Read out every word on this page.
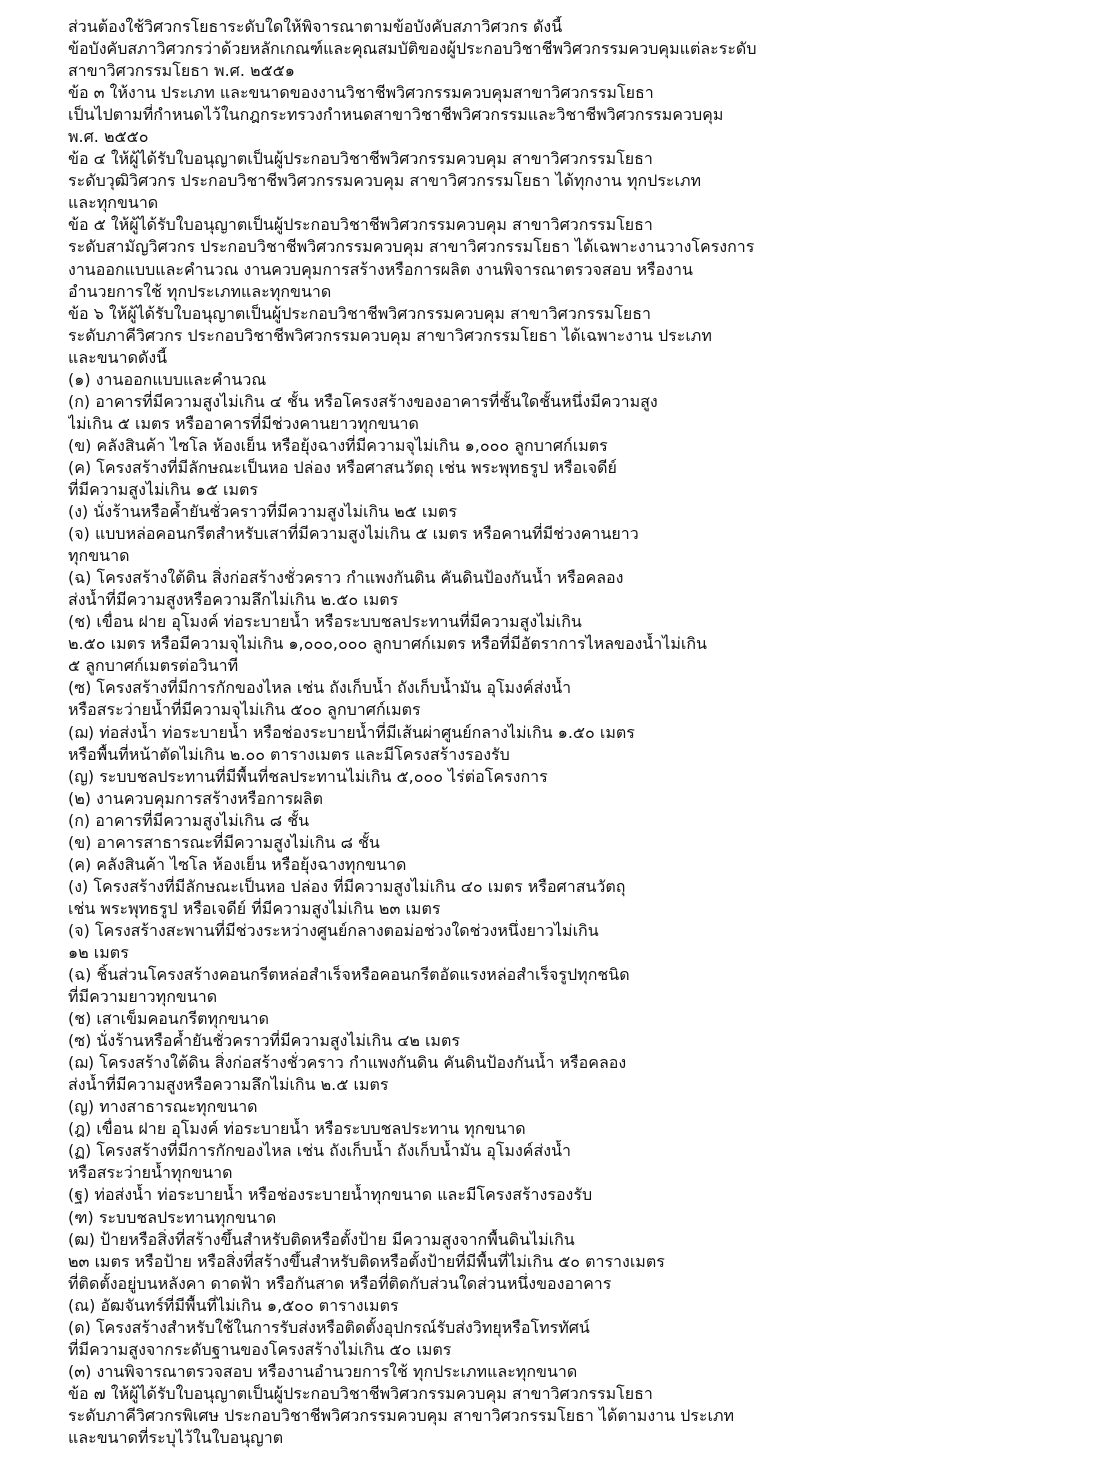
ส่วนต้องใช้วิศวกรโยธาระดับใดให้พิจารณาตามข้อบังคับสภาวิศวกร ดังนี้
ข้อบังคับสภาวิศวกรว่าด้วยหลักเกณฑ์และคุณสมบัติของผู้ประกอบวิชาชีพวิศวกรรมควบคุมแต่ละระดับ
สาขาวิศวกรรมโยธา พ.ศ. ๒๕๕๑
ข้อ ๓ ให้งาน ประเภท และขนาดของงานวิชาชีพวิศวกรรมควบคุมสาขาวิศวกรรมโยธา
เป็นไปตามที่กำหนดไว้ในกฎกระทรวงกำหนดสาขาวิชาชีพวิศวกรรมและวิชาชีพวิศวกรรมควบคุม
พ.ศ. ๒๕๕๐
ข้อ ๔ ให้ผู้ได้รับใบอนุญาตเป็นผู้ประกอบวิชาชีพวิศวกรรมควบคุม สาขาวิศวกรรมโยธา
ระดับวุฒิวิศวกร ประกอบวิชาชีพวิศวกรรมควบคุม สาขาวิศวกรรมโยธา ได้ทุกงาน ทุกประเภท
และทุกขนาด
ข้อ ๕ ให้ผู้ได้รับใบอนุญาตเป็นผู้ประกอบวิชาชีพวิศวกรรมควบคุม สาขาวิศวกรรมโยธา
ระดับสามัญวิศวกร ประกอบวิชาชีพวิศวกรรมควบคุม สาขาวิศวกรรมโยธา ได้เฉพาะงานวางโครงการ
งานออกแบบและคำนวณ งานควบคุมการสร้างหรือการผลิต งานพิจารณาตรวจสอบ หรืองาน
อำนวยการใช้ ทุกประเภทและทุกขนาด
ข้อ ๖ ให้ผู้ได้รับใบอนุญาตเป็นผู้ประกอบวิชาชีพวิศวกรรมควบคุม สาขาวิศวกรรมโยธา
ระดับภาคีวิศวกร ประกอบวิชาชีพวิศวกรรมควบคุม สาขาวิศวกรรมโยธา ได้เฉพาะงาน ประเภท
และขนาดดังนี้
(๑) งานออกแบบและคำนวณ
(ก) อาคารที่มีความสูงไม่เกิน ๔ ชั้น หรือโครงสร้างของอาคารที่ชั้นใดชั้นหนึ่งมีความสูง
ไม่เกิน ๕ เมตร หรืออาคารที่มีช่วงคานยาวทุกขนาด
(ข) คลังสินค้า ไซโล ห้องเย็น หรือยุ้งฉางที่มีความจุไม่เกิน ๑,๐๐๐ ลูกบาศก์เมตร
(ค) โครงสร้างที่มีลักษณะเป็นหอ ปล่อง หรือศาสนวัตถุ เช่น พระพุทธรูป หรือเจดีย์
ที่มีความสูงไม่เกิน ๑๕ เมตร
(ง) นั่งร้านหรือค้ำยันชั่วคราวที่มีความสูงไม่เกิน ๒๕ เมตร
(จ) แบบหล่อคอนกรีตสำหรับเสาที่มีความสูงไม่เกิน ๕ เมตร หรือคานที่มีช่วงคานยาว
ทุกขนาด
(ฉ) โครงสร้างใต้ดิน สิ่งก่อสร้างชั่วคราว กำแพงกันดิน คันดินป้องกันน้ำ หรือคลอง
ส่งน้ำที่มีความสูงหรือความลึกไม่เกิน ๒.๕๐ เมตร
(ช) เขื่อน ฝาย อุโมงค์ ท่อระบายน้ำ หรือระบบชลประทานที่มีความสูงไม่เกิน
๒.๕๐ เมตร หรือมีความจุไม่เกิน ๑,๐๐๐,๐๐๐ ลูกบาศก์เมตร หรือที่มีอัตราการไหลของน้ำไม่เกิน
๕ ลูกบาศก์เมตรต่อวินาที
(ซ) โครงสร้างที่มีการกักของไหล เช่น ถังเก็บน้ำ ถังเก็บน้ำมัน อุโมงค์ส่งน้ำ
หรือสระว่ายน้ำที่มีความจุไม่เกิน ๕๐๐ ลูกบาศก์เมตร
(ฌ) ท่อส่งน้ำ ท่อระบายน้ำ หรือช่องระบายน้ำที่มีเส้นผ่าศูนย์กลางไม่เกิน ๑.๕๐ เมตร
หรือพื้นที่หน้าตัดไม่เกิน ๒.๐๐ ตารางเมตร และมีโครงสร้างรองรับ
(ญ) ระบบชลประทานที่มีพื้นที่ชลประทานไม่เกิน ๕,๐๐๐ ไร่ต่อโครงการ
(๒) งานควบคุมการสร้างหรือการผลิต
(ก) อาคารที่มีความสูงไม่เกิน ๘ ชั้น
(ข) อาคารสาธารณะที่มีความสูงไม่เกิน ๘ ชั้น
(ค) คลังสินค้า ไซโล ห้องเย็น หรือยุ้งฉางทุกขนาด
(ง) โครงสร้างที่มีลักษณะเป็นหอ ปล่อง ที่มีความสูงไม่เกิน ๔๐ เมตร หรือศาสนวัตถุ
เช่น พระพุทธรูป หรือเจดีย์ ที่มีความสูงไม่เกิน ๒๓ เมตร
(จ) โครงสร้างสะพานที่มีช่วงระหว่างศูนย์กลางตอม่อช่วงใดช่วงหนึ่งยาวไม่เกิน
๑๒ เมตร
(ฉ) ชิ้นส่วนโครงสร้างคอนกรีตหล่อสำเร็จหรือคอนกรีตอัดแรงหล่อสำเร็จรูปทุกชนิด
ที่มีความยาวทุกขนาด
(ช) เสาเข็มคอนกรีตทุกขนาด
(ซ) นั่งร้านหรือค้ำยันชั่วคราวที่มีความสูงไม่เกิน ๔๒ เมตร
(ฌ) โครงสร้างใต้ดิน สิ่งก่อสร้างชั่วคราว กำแพงกันดิน คันดินป้องกันน้ำ หรือคลอง
ส่งน้ำที่มีความสูงหรือความลึกไม่เกิน ๒.๕ เมตร
(ญ) ทางสาธารณะทุกขนาด
(ฎ) เขื่อน ฝาย อุโมงค์ ท่อระบายน้ำ หรือระบบชลประทาน ทุกขนาด
(ฏ) โครงสร้างที่มีการกักของไหล เช่น ถังเก็บน้ำ ถังเก็บน้ำมัน อุโมงค์ส่งน้ำ
หรือสระว่ายน้ำทุกขนาด
(ฐ) ท่อส่งน้ำ ท่อระบายน้ำ หรือช่องระบายน้ำทุกขนาด และมีโครงสร้างรองรับ
(ฑ) ระบบชลประทานทุกขนาด
(ฒ) ป้ายหรือสิ่งที่สร้างขึ้นสำหรับติดหรือตั้งป้าย มีความสูงจากพื้นดินไม่เกิน
๒๓ เมตร หรือป้าย หรือสิ่งที่สร้างขึ้นสำหรับติดหรือตั้งป้ายที่มีพื้นที่ไม่เกิน ๕๐ ตารางเมตร
ที่ติดตั้งอยู่บนหลังคา ดาดฟ้า หรือกันสาด หรือที่ติดกับส่วนใดส่วนหนึ่งของอาคาร
(ณ) อัฒจันทร์ที่มีพื้นที่ไม่เกิน ๑,๕๐๐ ตารางเมตร
(ด) โครงสร้างสำหรับใช้ในการรับส่งหรือติดตั้งอุปกรณ์รับส่งวิทยุหรือโทรทัศน์
ที่มีความสูงจากระดับฐานของโครงสร้างไม่เกิน ๕๐ เมตร
(๓) งานพิจารณาตรวจสอบ หรืองานอำนวยการใช้ ทุกประเภทและทุกขนาด
ข้อ ๗ ให้ผู้ได้รับใบอนุญาตเป็นผู้ประกอบวิชาชีพวิศวกรรมควบคุม สาขาวิศวกรรมโยธา
ระดับภาคีวิศวกรพิเศษ ประกอบวิชาชีพวิศวกรรมควบคุม สาขาวิศวกรรมโยธา ได้ตามงาน ประเภท
และขนาดที่ระบุไว้ในใบอนุญาต
